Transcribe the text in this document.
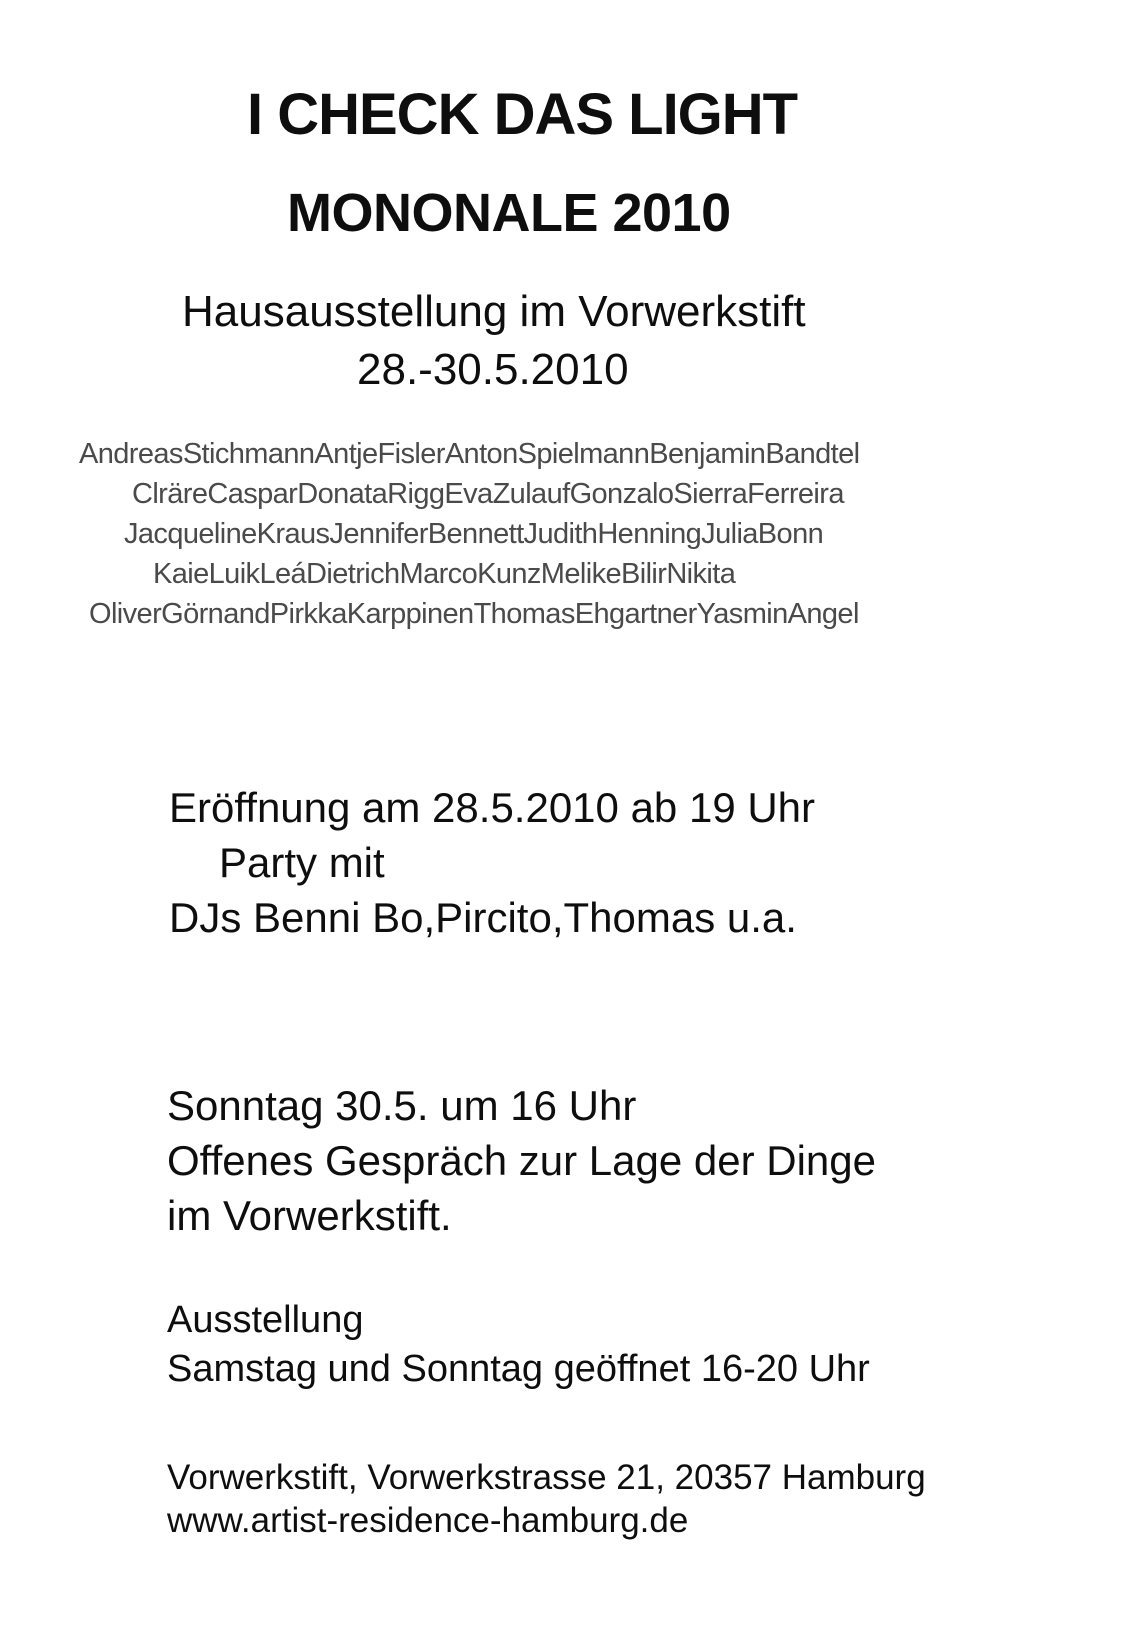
I CHECK DAS LIGHT
MONONALE 2010

Hausausstellung im Vorwerkstift

28.-30.5.2010

AndreasStichmannAntjeFislerAntonSpielmannBenjaminBandtel
ClräreCasparDonataRiggEvaZulaufGonzaloSierraFerreira
JacquelineKrausJenniferBennettJudithHenningJuliaBonn
KaieLuikLeáDietrichMarcoKunzMelikeBilirNikita
OliverGörnandPirkkaKarppinenThomasEhgartnerYasminAngel

Eröffnung am 28.5.2010 ab 19 Uhr

Party mit

DJs Benni Bo,Pircito,Thomas u.a.

Sonntag 30.5. um 16 Uhr

Offenes Gespräch zur Lage der Dinge

im Vorwerkstift.

Ausstellung

Samstag und Sonntag geöffnet 16-20 Uhr

Vorwerkstift, Vorwerkstrasse 21, 20357 Hamburg

www.artist-residence-hamburg.de
